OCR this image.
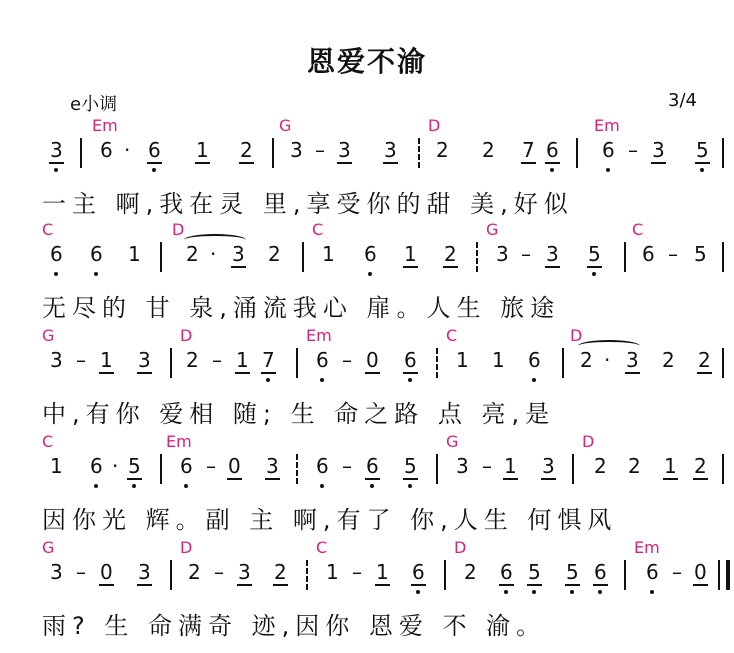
恩爱不渝
e小调	3/4
Em	G	D	Em
3 6 · 6 1 2 3 – 3 3 2 2 7 6 6 – 3 5
一主 啊,我在灵 里,享受你的甜 美,好似
C	D	C	G	C
6 6 1 2 · 3 2 1 6 1 2 3 – 3 5 6 – 5
无尽的 甘 泉,涌流我心 扉。人生 旅途
G	D	Em	C	D
3 – 1 3 2 – 1 7 6 – 0 6 1 1 6 2 · 3 2 2
中,有你 爱相 随; 生 命之路 点 亮,是
C	Em	G	D
1 6 · 5 6 – 0 3 6 – 6 5 3 – 1 3 2 2 1 2
因你光 辉。副 主 啊,有了 你,人生 何惧风
G	D	C	D	Em
3 – 0 3 2 – 3 2 1 – 1 6 2 6 5 5 6 6 – 0
雨? 生 命满奇 迹,因你 恩爱 不 渝。
